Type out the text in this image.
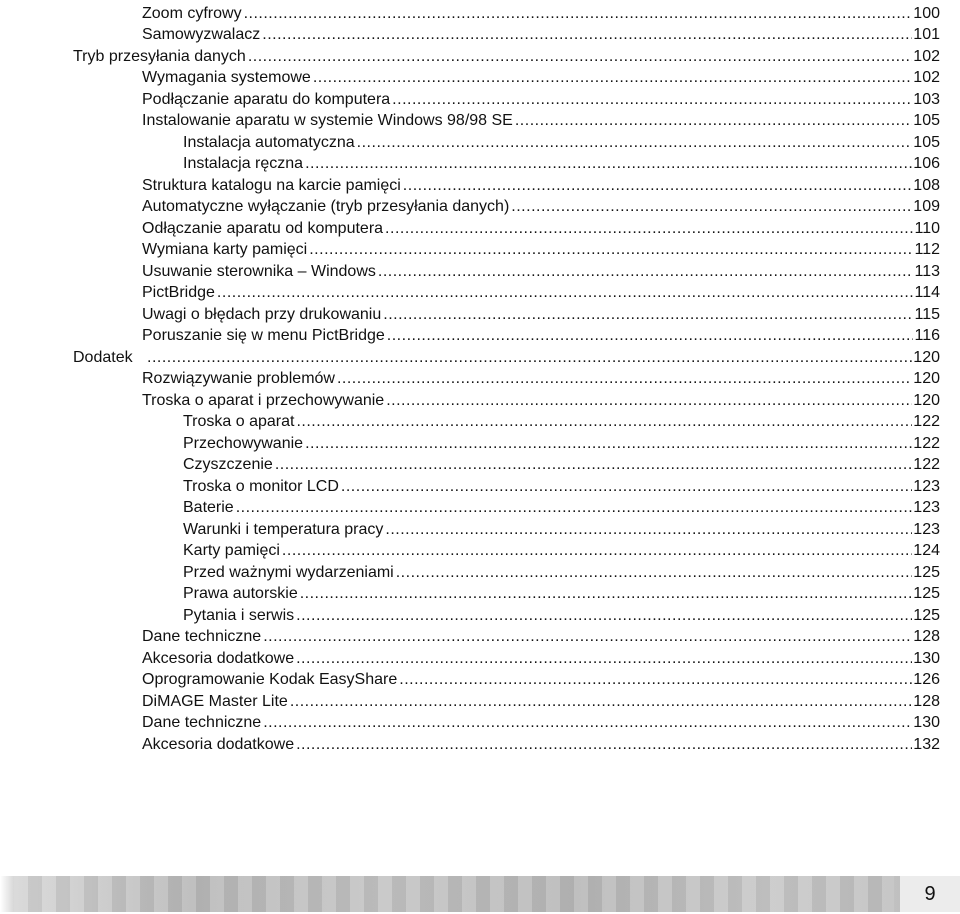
Zoom cyfrowy .....	100
Samowyzwalacz .....	101
Tryb przesyłania danych .....	102
Wymagania systemowe .....	102
Podłączanie aparatu do komputera .....	103
Instalowanie aparatu w systemie Windows 98/98 SE .....	105
Instalacja automatyczna .....	105
Instalacja ręczna .....	106
Struktura katalogu na karcie pamięci .....	108
Automatyczne wyłączanie (tryb przesyłania danych) .....	109
Odłączanie aparatu od komputera .....	110
Wymiana karty pamięci .....	112
Usuwanie sterownika – Windows .....	113
PictBridge .....	114
Uwagi o błędach przy drukowaniu .....	115
Poruszanie się w menu PictBridge .....	116
Dodatek .....	120
Rozwiązywanie problemów .....	120
Troska o aparat i przechowywanie .....	120
Troska o aparat .....	122
Przechowywanie .....	122
Czyszczenie .....	122
Troska o monitor LCD .....	123
Baterie .....	123
Warunki i temperatura pracy .....	123
Karty pamięci .....	124
Przed ważnymi wydarzeniami .....	125
Prawa autorskie .....	125
Pytania i serwis .....	125
Dane techniczne .....	128
Akcesoria dodatkowe .....	130
Oprogramowanie Kodak EasyShare .....	126
DiMAGE Master Lite .....	128
Dane techniczne .....	130
Akcesoria dodatkowe .....	132
9
